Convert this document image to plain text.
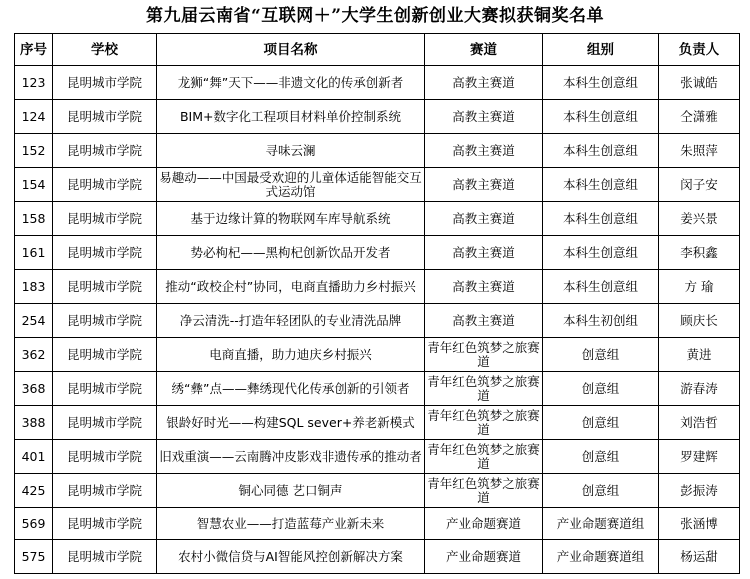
第九届云南省“互联网＋”大学生创新创业大赛拟获铜奖名单
序号	学校	项目名称	赛道	组别	负责人
123	昆明城市学院	龙狮“舞”天下——非遗文化的传承创新者	高教主赛道	本科生创意组	张诚皓
124	昆明城市学院	BIM+数字化工程项目材料单价控制系统	高教主赛道	本科生创意组	仝潇雅
152	昆明城市学院	寻味云澜	高教主赛道	本科生创意组	朱照萍
154	昆明城市学院	易趣动——中国最受欢迎的儿童体适能智能交互式运动馆	高教主赛道	本科生创意组	闵子安
158	昆明城市学院	基于边缘计算的物联网车库导航系统	高教主赛道	本科生创意组	姜兴景
161	昆明城市学院	势必枸杞——黑枸杞创新饮品开发者	高教主赛道	本科生创意组	李积鑫
183	昆明城市学院	推动“政校企村”协同，电商直播助力乡村振兴	高教主赛道	本科生创意组	方 瑜
254	昆明城市学院	净云清洗--打造年轻团队的专业清洗品牌	高教主赛道	本科生初创组	顾庆长
362	昆明城市学院	电商直播，助力迪庆乡村振兴	青年红色筑梦之旅赛道	创意组	黄进
368	昆明城市学院	绣“彝”点——彝绣现代化传承创新的引领者	青年红色筑梦之旅赛道	创意组	游春涛
388	昆明城市学院	银龄好时光——构建SQL sever+养老新模式	青年红色筑梦之旅赛道	创意组	刘浩哲
401	昆明城市学院	旧戏重演——云南腾冲皮影戏非遗传承的推动者	青年红色筑梦之旅赛道	创意组	罗建辉
425	昆明城市学院	铜心同德 艺口铜声	青年红色筑梦之旅赛道	创意组	彭振涛
569	昆明城市学院	智慧农业——打造蓝莓产业新未来	产业命题赛道	产业命题赛道组	张涵博
575	昆明城市学院	农村小微信贷与AI智能风控创新解决方案	产业命题赛道	产业命题赛道组	杨运甜
